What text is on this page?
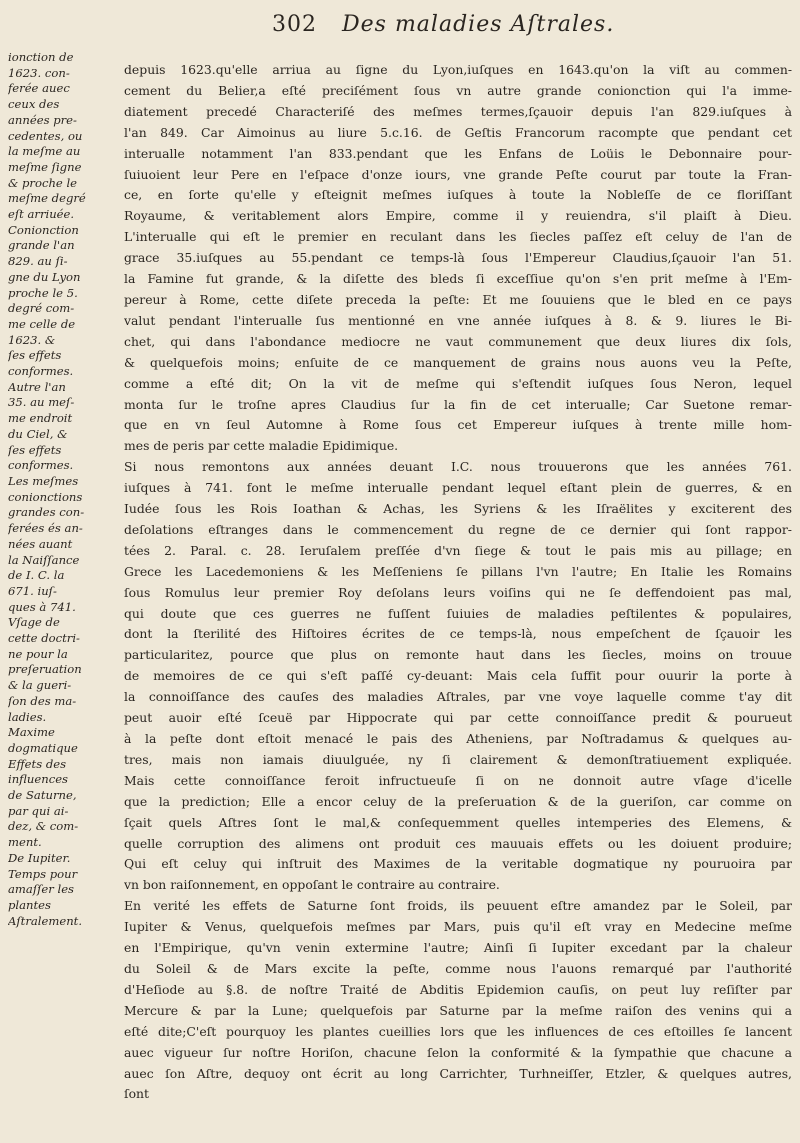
302 Des maladies Aſtrales.
ionction de
1623. con-
ferée auec
ceux des
années pre-
cedentes, ou
la meſme au
meſme ſigne
& proche le
meſme degré
eſt arriuée.
Conionction
grande l'an
829. au ſi-
gne du Lyon
proche le 5.
degré com-
me celle de
1623. &
ſes effets
conformes.
Autre l'an
35. au meſ-
me endroit
du Ciel, &
ſes effets
conformes.
Les meſmes
conionctions
grandes con-
ferées és an-
nées auant
la Naiſſance
de I. C. la
671. iuſ-
ques à 741.
Vſage de
cette doctri-
ne pour la
preſeruation
& la gueri-
ſon des ma-
ladies.
Maxime
dogmatique
Effets des
influences
de Saturne,
par qui ai-
dez, & com-
ment.
De Iupiter.
Temps pour
amaſſer les
plantes
Aſtralement.
depuis 1623.qu'elle arriua au ſigne du Lyon,iuſques en 1643.qu'on la viſt au commen-
cement du Belier,a eſté preciſément ſous vn autre grande conionction qui l'a imme-
diatement precedé Characteriſé des meſmes termes,ſçauoir depuis l'an 829.iuſques à
l'an 849. Car Aimoinus au liure 5.c.16. de Geſtis Francorum racompte que pendant cet
interualle notamment l'an 833.pendant que les Enfans de Loüis le Debonnaire pour-
ſuiuoient leur Pere en l'eſpace d'onze iours, vne grande Peſte courut par toute la Fran-
ce, en ſorte qu'elle y eſteignit meſmes iuſques à toute la Nobleſſe de ce floriſſant
Royaume, & veritablement alors Empire, comme il y reuiendra, s'il plaiſt à Dieu.
L'interualle qui eſt le premier en reculant dans les ſiecles paſſez eſt celuy de l'an de
grace 35.iuſques au 55.pendant ce temps-là ſous l'Empereur Claudius,ſçauoir l'an 51.
la Famine fut grande, & la diſette des bleds ſi exceſſiue qu'on s'en prit meſme à l'Em-
pereur à Rome, cette diſete preceda la peſte: Et me ſouuiens que le bled en ce pays
valut pendant l'interualle ſus mentionné en vne année iuſques à 8. & 9. liures le Bi-
chet, qui dans l'abondance mediocre ne vaut communement que deux liures dix ſols,
& quelquefois moins; enſuite de ce manquement de grains nous auons veu la Peſte,
comme a eſté dit; On la vit de meſme qui s'eſtendit iuſques ſous Neron, lequel
monta ſur le troſne apres Claudius ſur la fin de cet interualle; Car Suetone remar-
que en vn ſeul Automne à Rome ſous cet Empereur iuſques à trente mille hom-
mes de peris par cette maladie Epidimique.
Si nous remontons aux années deuant I.C. nous trouuerons que les années 761.
iuſques à 741. font le meſme interualle pendant lequel eſtant plein de guerres, & en
Iudée ſous les Rois Ioathan & Achas, les Syriens & les Iſraëlites y exciterent des
deſolations eſtranges dans le commencement du regne de ce dernier qui ſont rappor-
tées 2. Paral. c. 28. Ieruſalem preſſée d'vn ſiege & tout le pais mis au pillage; en
Grece les Lacedemoniens & les Meſſeniens ſe pillans l'vn l'autre; En Italie les Romains
ſous Romulus leur premier Roy deſolans leurs voiſins qui ne ſe deffendoient pas mal,
qui doute que ces guerres ne fuſſent ſuiuies de maladies peſtilentes & populaires,
dont la ſterilité des Hiſtoires écrites de ce temps-là, nous empeſchent de ſçauoir les
particularitez, pource que plus on remonte haut dans les ſiecles, moins on trouue
de memoires de ce qui s'eſt paſſé cy-deuant: Mais cela ſuffit pour ouurir la porte à
la connoiſſance des cauſes des maladies Aſtrales, par vne voye laquelle comme t'ay dit
peut auoir eſté ſceuë par Hippocrate qui par cette connoiſſance predit & pourueut
à la peſte dont eſtoit menacé le pais des Atheniens, par Noſtradamus & quelques au-
tres, mais non iamais diuulguée, ny ſi clairement & demonſtratiuement expliquée.
Mais cette connoiſſance feroit infructueuſe ſi on ne donnoit autre vſage d'icelle
que la prediction; Elle a encor celuy de la preſeruation & de la gueriſon, car comme on
ſçait quels Aſtres ſont le mal,& conſequemment quelles intemperies des Elemens, &
quelle corruption des alimens ont produit ces mauuais effets ou les doiuent produire;
Qui eſt celuy qui inſtruit des Maximes de la veritable dogmatique ny pouruoira par
vn bon raiſonnement, en oppoſant le contraire au contraire.
En verité les effets de Saturne ſont froids, ils peuuent eſtre amandez par le Soleil, par
Iupiter & Venus, quelquefois meſmes par Mars, puis qu'il eſt vray en Medecine meſme
en l'Empirique, qu'vn venin extermine l'autre; Ainſi ſi Iupiter excedant par la chaleur
du Soleil & de Mars excite la peſte, comme nous l'auons remarqué par l'authorité
d'Heſiode au §.8. de noſtre Traité de Abditis Epidemion cauſis, on peut luy reſiſter par
Mercure & par la Lune; quelquefois par Saturne par la meſme raiſon des venins qui a
eſté dite;C'eſt pourquoy les plantes cueillies lors que les influences de ces eſtoilles ſe lancent
auec vigueur ſur noſtre Horiſon, chacune ſelon la conformité & la ſympathie que chacune a
auec ſon Aſtre, dequoy ont écrit au long Carrichter, Turhneiſſer, Etzler, & quelques autres,
ſont
